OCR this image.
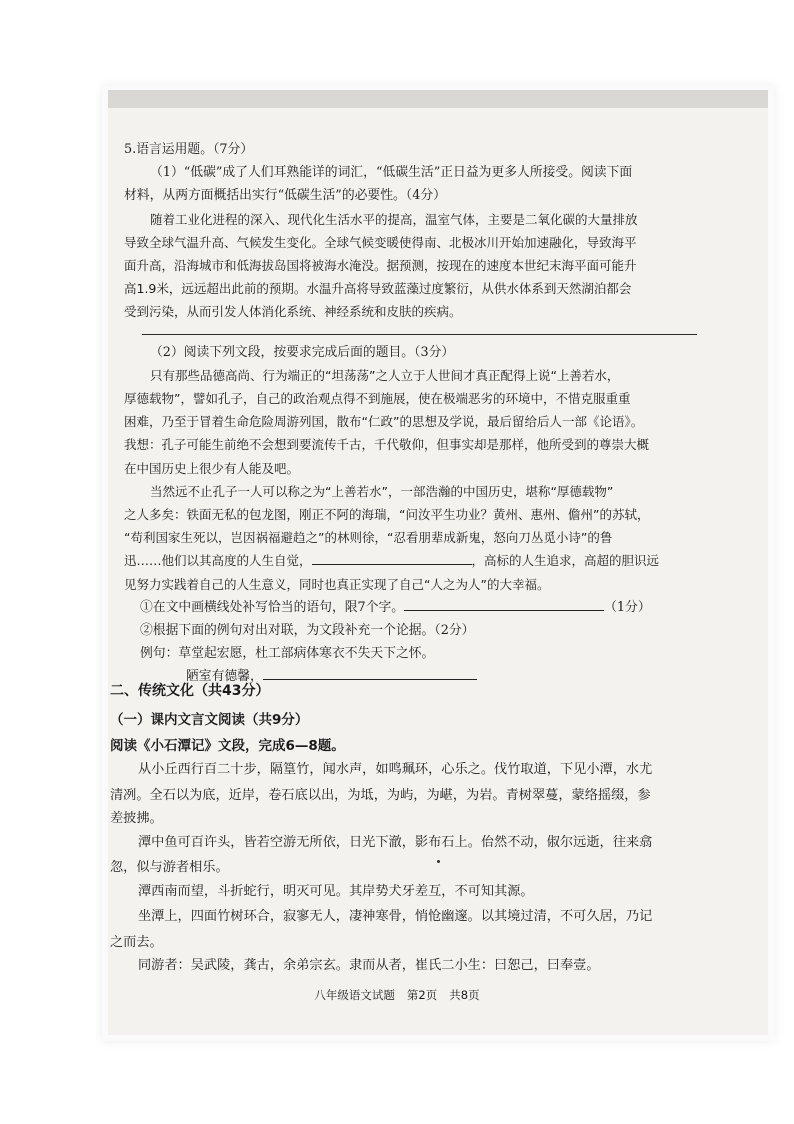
5.语言运用题。（7分）
（1）“低碳”成了人们耳熟能详的词汇，“低碳生活”正日益为更多人所接受。阅读下面
材料，从两方面概括出实行“低碳生活”的必要性。（4分）
随着工业化进程的深入、现代化生活水平的提高，温室气体，主要是二氧化碳的大量排放
导致全球气温升高、气候发生变化。全球气候变暖使得南、北极冰川开始加速融化，导致海平
面升高，沿海城市和低海拔岛国将被海水淹没。据预测，按现在的速度本世纪末海平面可能升
高1.9米，远远超出此前的预期。水温升高将导致蓝藻过度繁衍，从供水体系到天然湖泊都会
受到污染，从而引发人体消化系统、神经系统和皮肤的疾病。
（2）阅读下列文段，按要求完成后面的题目。（3分）
只有那些品德高尚、行为端正的“坦荡荡”之人立于人世间才真正配得上说“上善若水，
厚德载物”，譬如孔子，自己的政治观点得不到施展，使在极端恶劣的环境中，不惜克服重重
困难，乃至于冒着生命危险周游列国，散布“仁政”的思想及学说，最后留给后人一部《论语》。
我想：孔子可能生前绝不会想到要流传千古，千代敬仰，但事实却是那样，他所受到的尊崇大概
在中国历史上很少有人能及吧。
当然远不止孔子一人可以称之为“上善若水”，一部浩瀚的中国历史，堪称“厚德载物”
之人多矣：铁面无私的包龙图，刚正不阿的海瑞，“问汝平生功业？黄州、惠州、儋州”的苏轼，
“苟利国家生死以，岂因祸福避趋之”的林则徐，“忍看朋辈成新鬼，怒向刀丛觅小诗”的鲁
迅……他们以其高度的人生自觉，	，高标的人生追求，高超的胆识远
见努力实践着自己的人生意义，同时也真正实现了自己“人之为人”的大幸福。
①在文中画横线处补写恰当的语句，限7个字。	（1分）
②根据下面的例句对出对联，为文段补充一个论据。（2分）
例句：草堂起宏愿，杜工部病体寒衣不失天下之怀。
陋室有德馨，
二、传统文化（共43分）
（一）课内文言文阅读（共9分）
阅读《小石潭记》文段，完成6—8题。
从小丘西行百二十步，隔篁竹，闻水声，如鸣珮环，心乐之。伐竹取道，下见小潭，水尤
清冽。全石以为底，近岸，卷石底以出，为坻，为屿，为嵁，为岩。青树翠蔓，蒙络摇缀，参
差披拂。
潭中鱼可百许头，皆若空游无所依，日光下澈，影布石上。佁然不动，俶尔远逝，往来翕
忽，似与游者相乐。
潭西南而望，斗折蛇行，明灭可见。其岸势犬牙差互，不可知其源。
坐潭上，四面竹树环合，寂寥无人，凄神寒骨，悄怆幽邃。以其境过清，不可久居，乃记
之而去。
同游者：吴武陵，龚古，余弟宗玄。隶而从者，崔氏二小生：曰恕己，曰奉壹。
八年级语文试题 第2页 共8页
